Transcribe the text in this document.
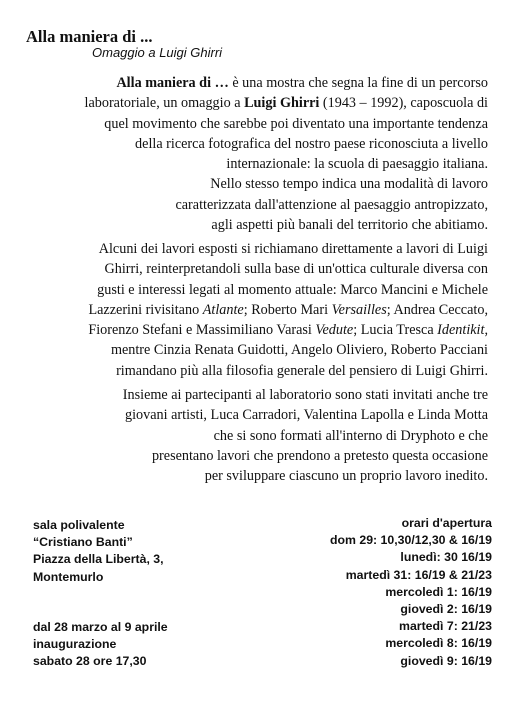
Alla maniera di ...
Omaggio a Luigi Ghirri
Alla maniera di … è una mostra che segna la fine di un percorso
laboratoriale, un omaggio a Luigi Ghirri (1943 – 1992), caposcuola di
quel movimento che sarebbe poi diventato una importante tendenza
della ricerca fotografica del nostro paese riconosciuta a livello
internazionale: la scuola di paesaggio italiana.
Nello stesso tempo indica una modalità di lavoro
caratterizzata dall'attenzione al paesaggio antropizzato,
agli aspetti più banali del territorio che abitiamo.
Alcuni dei lavori esposti si richiamano direttamente a lavori di Luigi
Ghirri, reinterpretandoli sulla base di un'ottica culturale diversa con
gusti e interessi legati al momento attuale: Marco Mancini e Michele
Lazzerini rivisitano Atlante; Roberto Mari Versailles; Andrea Ceccato,
Fiorenzo Stefani e Massimiliano Varasi Vedute; Lucia Tresca Identikit,
mentre Cinzia Renata Guidotti, Angelo Oliviero, Roberto Pacciani
rimandano più alla filosofia generale del pensiero di Luigi Ghirri.
Insieme ai partecipanti al laboratorio sono stati invitati anche tre
giovani artisti, Luca Carradori, Valentina Lapolla e Linda Motta
che si sono formati all'interno di Dryphoto e che
presentano lavori che prendono a pretesto questa occasione
per sviluppare ciascuno un proprio lavoro inedito.
sala polivalente
“Cristiano Banti”
Piazza della Libertà, 3,
Montemurlo
dal 28 marzo al 9 aprile
inaugurazione
sabato 28 ore 17,30
orari d'apertura
dom 29: 10,30/12,30 & 16/19
lunedì: 30 16/19
martedì 31: 16/19 & 21/23
mercoledì 1: 16/19
giovedì 2: 16/19
martedì 7: 21/23
mercoledì 8: 16/19
giovedì 9: 16/19
